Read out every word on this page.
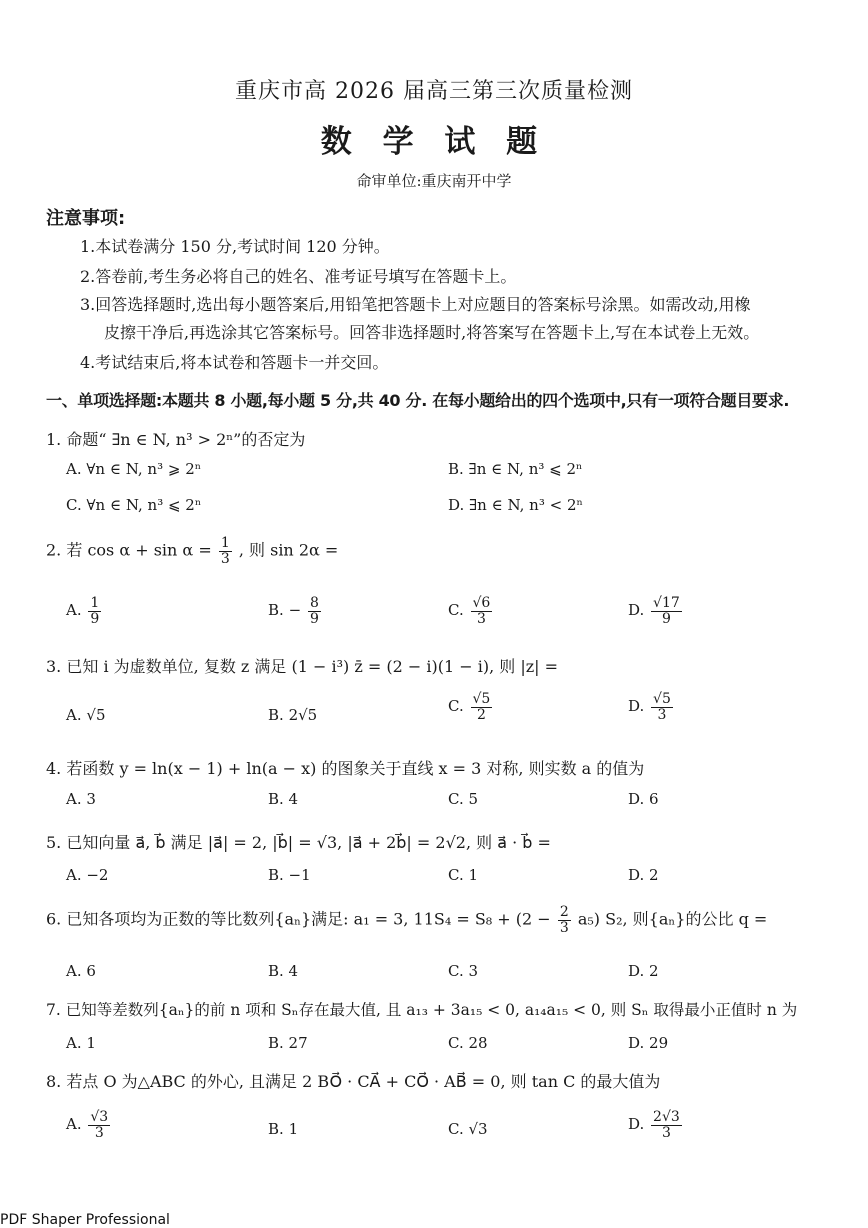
重庆市高 2026 届高三第三次质量检测
数 学 试 题
命审单位:重庆南开中学
注意事项:
1.本试卷满分 150 分,考试时间 120 分钟。
2.答卷前,考生务必将自己的姓名、准考证号填写在答题卡上。
3.回答选择题时,选出每小题答案后,用铅笔把答题卡上对应题目的答案标号涂黑。如需改动,用橡
皮擦干净后,再选涂其它答案标号。回答非选择题时,将答案写在答题卡上,写在本试卷上无效。
4.考试结束后,将本试卷和答题卡一并交回。
一、单项选择题:本题共 8 小题,每小题 5 分,共 40 分. 在每小题给出的四个选项中,只有一项符合题目要求.
1. 命题“ ∃n ∈ N, n³ > 2ⁿ”的否定为
A. ∀n ∈ N, n³ ⩾ 2ⁿ	B. ∃n ∈ N, n³ ⩽ 2ⁿ
C. ∀n ∈ N, n³ ⩽ 2ⁿ	D. ∃n ∈ N, n³ < 2ⁿ
2. 若 $\cos \alpha + \sin \alpha = \frac{1}{3}$ , 则 sin 2α =
A. $\frac{1}{9}$	B. − $\frac{8}{9}$	C. $\frac{√6}{3}$	D. $\frac{√17}{9}$
3. 已知 i 为虚数单位, 复数 z 满足 (1 − i³) z̄ = (2 − i)(1 − i), 则 |z| =
A. √5	B. 2√5	C. $\frac{√5}{2}$	D. $\frac{√5}{3}$
4. 若函数 y = ln(x − 1) + ln(a − x) 的图象关于直线 x = 3 对称, 则实数 a 的值为
A. 3	B. 4	C. 5	D. 6
5. 已知向量 a⃗, b⃗ 满足 |a⃗| = 2, |b⃗| = √3, |a⃗ + 2b⃗| = 2√2, 则 a⃗ · b⃗ =
A. −2	B. −1	C. 1	D. 2
6. 已知各项均为正数的等比数列{aₙ}满足: a₁ = 3, $11S_4 = S_8 + (2 - \frac{2}{3} a_5)$ S₂, 则{aₙ}的公比 q =
A. 6	B. 4	C. 3	D. 2
7. 已知等差数列{aₙ}的前 n 项和 Sₙ存在最大值, 且 a₁₃ + 3a₁₅ < 0, a₁₄a₁₅ < 0, 则 Sₙ 取得最小正值时 n 为
A. 1	B. 27	C. 28	D. 29
8. 若点 O 为△ABC 的外心, 且满足 2 BO⃗ · CA⃗ + CO⃗ · AB⃗ = 0, 则 tan C 的最大值为
A. $\frac{√3}{3}$	B. 1	C. √3	D. $\frac{2√3}{3}$
PDF Shaper Professional
